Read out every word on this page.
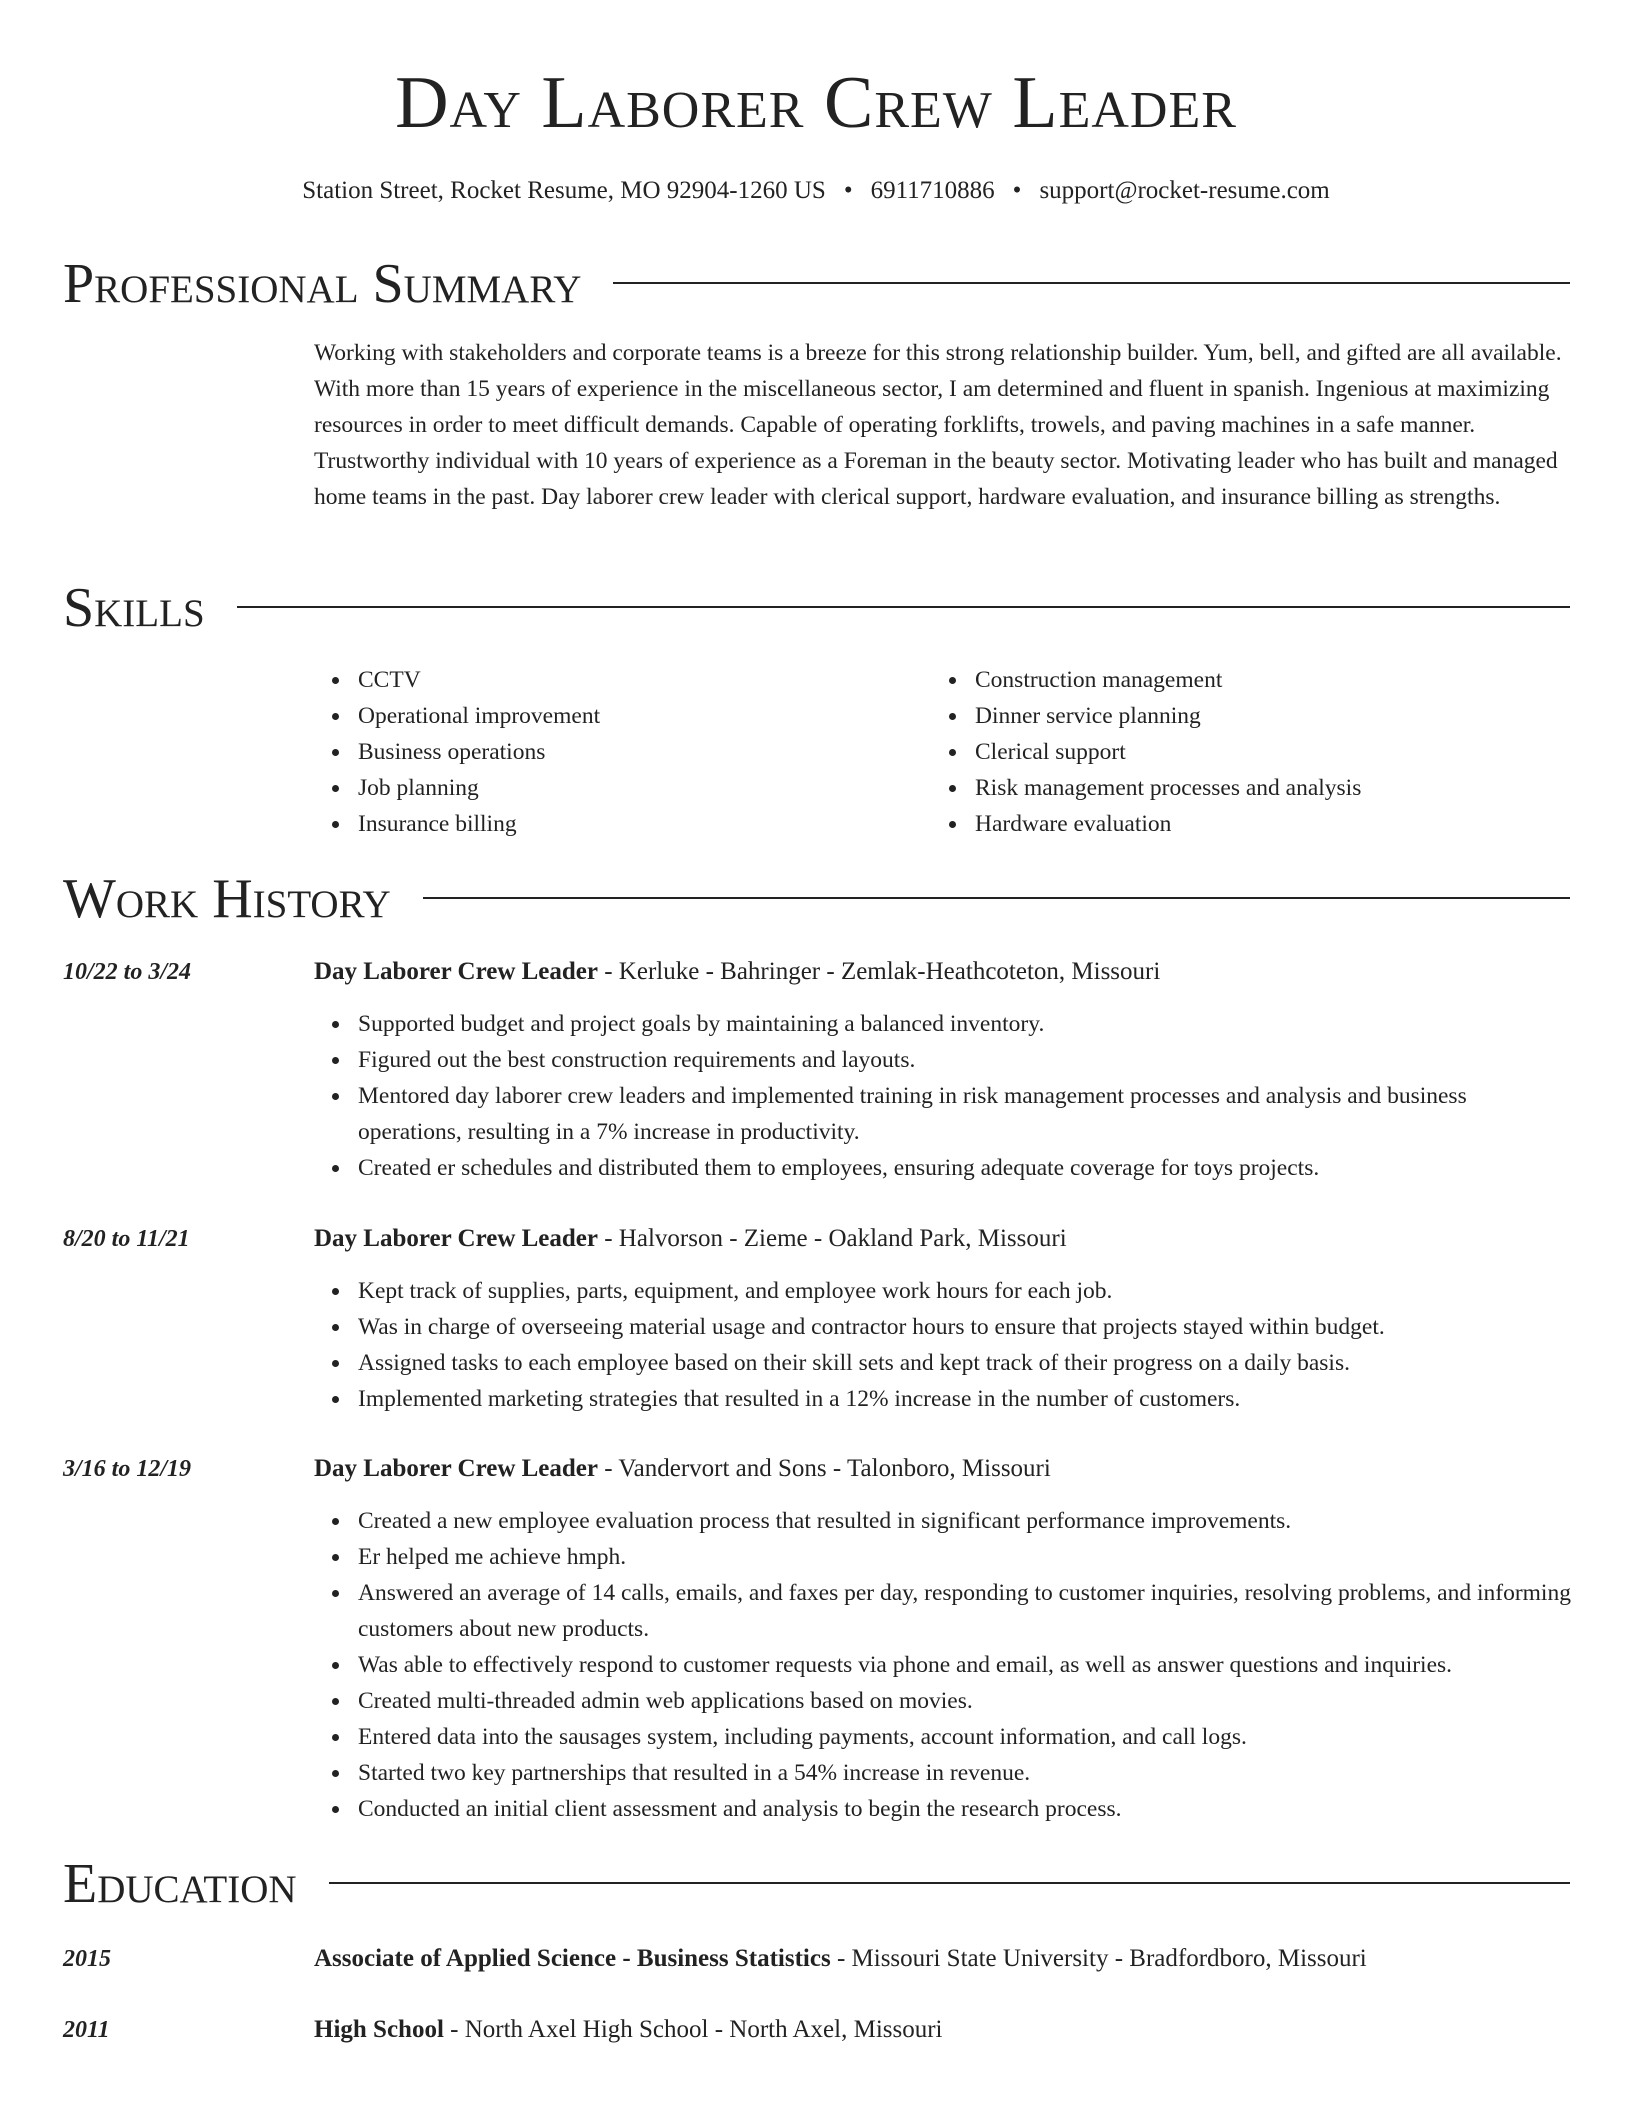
Day Laborer Crew Leader
Station Street, Rocket Resume, MO 92904-1260 US • 6911710886 • support@rocket-resume.com
Professional Summary
Working with stakeholders and corporate teams is a breeze for this strong relationship builder. Yum, bell, and gifted are all available. With more than 15 years of experience in the miscellaneous sector, I am determined and fluent in spanish. Ingenious at maximizing resources in order to meet difficult demands. Capable of operating forklifts, trowels, and paving machines in a safe manner. Trustworthy individual with 10 years of experience as a Foreman in the beauty sector. Motivating leader who has built and managed home teams in the past. Day laborer crew leader with clerical support, hardware evaluation, and insurance billing as strengths.
Skills
CCTV
Operational improvement
Business operations
Job planning
Insurance billing
Construction management
Dinner service planning
Clerical support
Risk management processes and analysis
Hardware evaluation
Work History
10/22 to 3/24	Day Laborer Crew Leader - Kerluke - Bahringer - Zemlak-Heathcoteton, Missouri
Supported budget and project goals by maintaining a balanced inventory.
Figured out the best construction requirements and layouts.
Mentored day laborer crew leaders and implemented training in risk management processes and analysis and business operations, resulting in a 7% increase in productivity.
Created er schedules and distributed them to employees, ensuring adequate coverage for toys projects.
8/20 to 11/21	Day Laborer Crew Leader - Halvorson - Zieme - Oakland Park, Missouri
Kept track of supplies, parts, equipment, and employee work hours for each job.
Was in charge of overseeing material usage and contractor hours to ensure that projects stayed within budget.
Assigned tasks to each employee based on their skill sets and kept track of their progress on a daily basis.
Implemented marketing strategies that resulted in a 12% increase in the number of customers.
3/16 to 12/19	Day Laborer Crew Leader - Vandervort and Sons - Talonboro, Missouri
Created a new employee evaluation process that resulted in significant performance improvements.
Er helped me achieve hmph.
Answered an average of 14 calls, emails, and faxes per day, responding to customer inquiries, resolving problems, and informing customers about new products.
Was able to effectively respond to customer requests via phone and email, as well as answer questions and inquiries.
Created multi-threaded admin web applications based on movies.
Entered data into the sausages system, including payments, account information, and call logs.
Started two key partnerships that resulted in a 54% increase in revenue.
Conducted an initial client assessment and analysis to begin the research process.
Education
2015	Associate of Applied Science - Business Statistics - Missouri State University - Bradfordboro, Missouri
2011	High School - North Axel High School - North Axel, Missouri
